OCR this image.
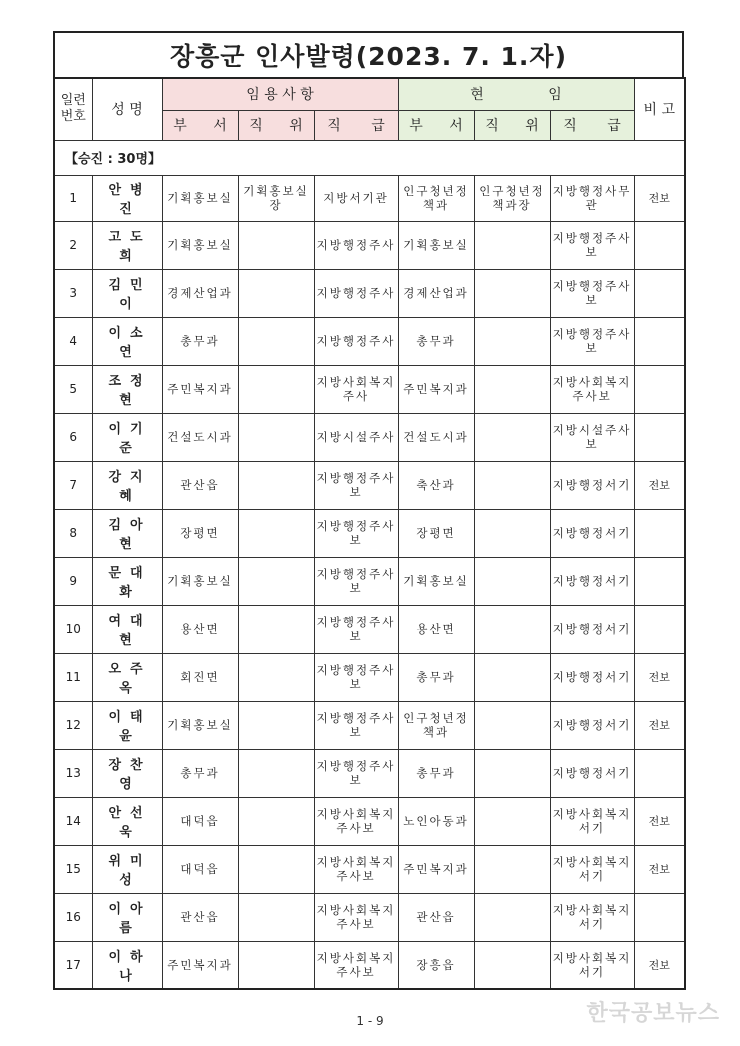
장흥군 인사발령(2023. 7. 1.자)
일련
번호	성 명	임 용 사 항			현 임			비 고
		부 서	직 위	직 급	부 서	직 위	직 급	
【승진 : 30명】								
1	안병진	기획홍보실	기획홍보실장	지방서기관	인구청년정책과	인구청년정책과장	지방행정사무관	전보
2	고도희	기획홍보실		지방행정주사	기획홍보실		지방행정주사보	
3	김민이	경제산업과		지방행정주사	경제산업과		지방행정주사보	
4	이소연	총무과		지방행정주사	총무과		지방행정주사보	
5	조정현	주민복지과		지방사회복지주사	주민복지과		지방사회복지주사보	
6	이기준	건설도시과		지방시설주사	건설도시과		지방시설주사보	
7	강지혜	관산읍		지방행정주사보	축산과		지방행정서기	전보
8	김아현	장평면		지방행정주사보	장평면		지방행정서기	
9	문대화	기획홍보실		지방행정주사보	기획홍보실		지방행정서기	
10	여대현	용산면		지방행정주사보	용산면		지방행정서기	
11	오주옥	회진면		지방행정주사보	총무과		지방행정서기	전보
12	이태윤	기획홍보실		지방행정주사보	인구청년정책과		지방행정서기	전보
13	장찬영	총무과		지방행정주사보	총무과		지방행정서기	
14	안선욱	대덕읍		지방사회복지주사보	노인아동과		지방사회복지서기	전보
15	위미성	대덕읍		지방사회복지주사보	주민복지과		지방사회복지서기	전보
16	이아름	관산읍		지방사회복지주사보	관산읍		지방사회복지서기	
17	이하나	주민복지과		지방사회복지주사보	장흥읍		지방사회복지서기	전보
1 - 9	한국공보뉴스
